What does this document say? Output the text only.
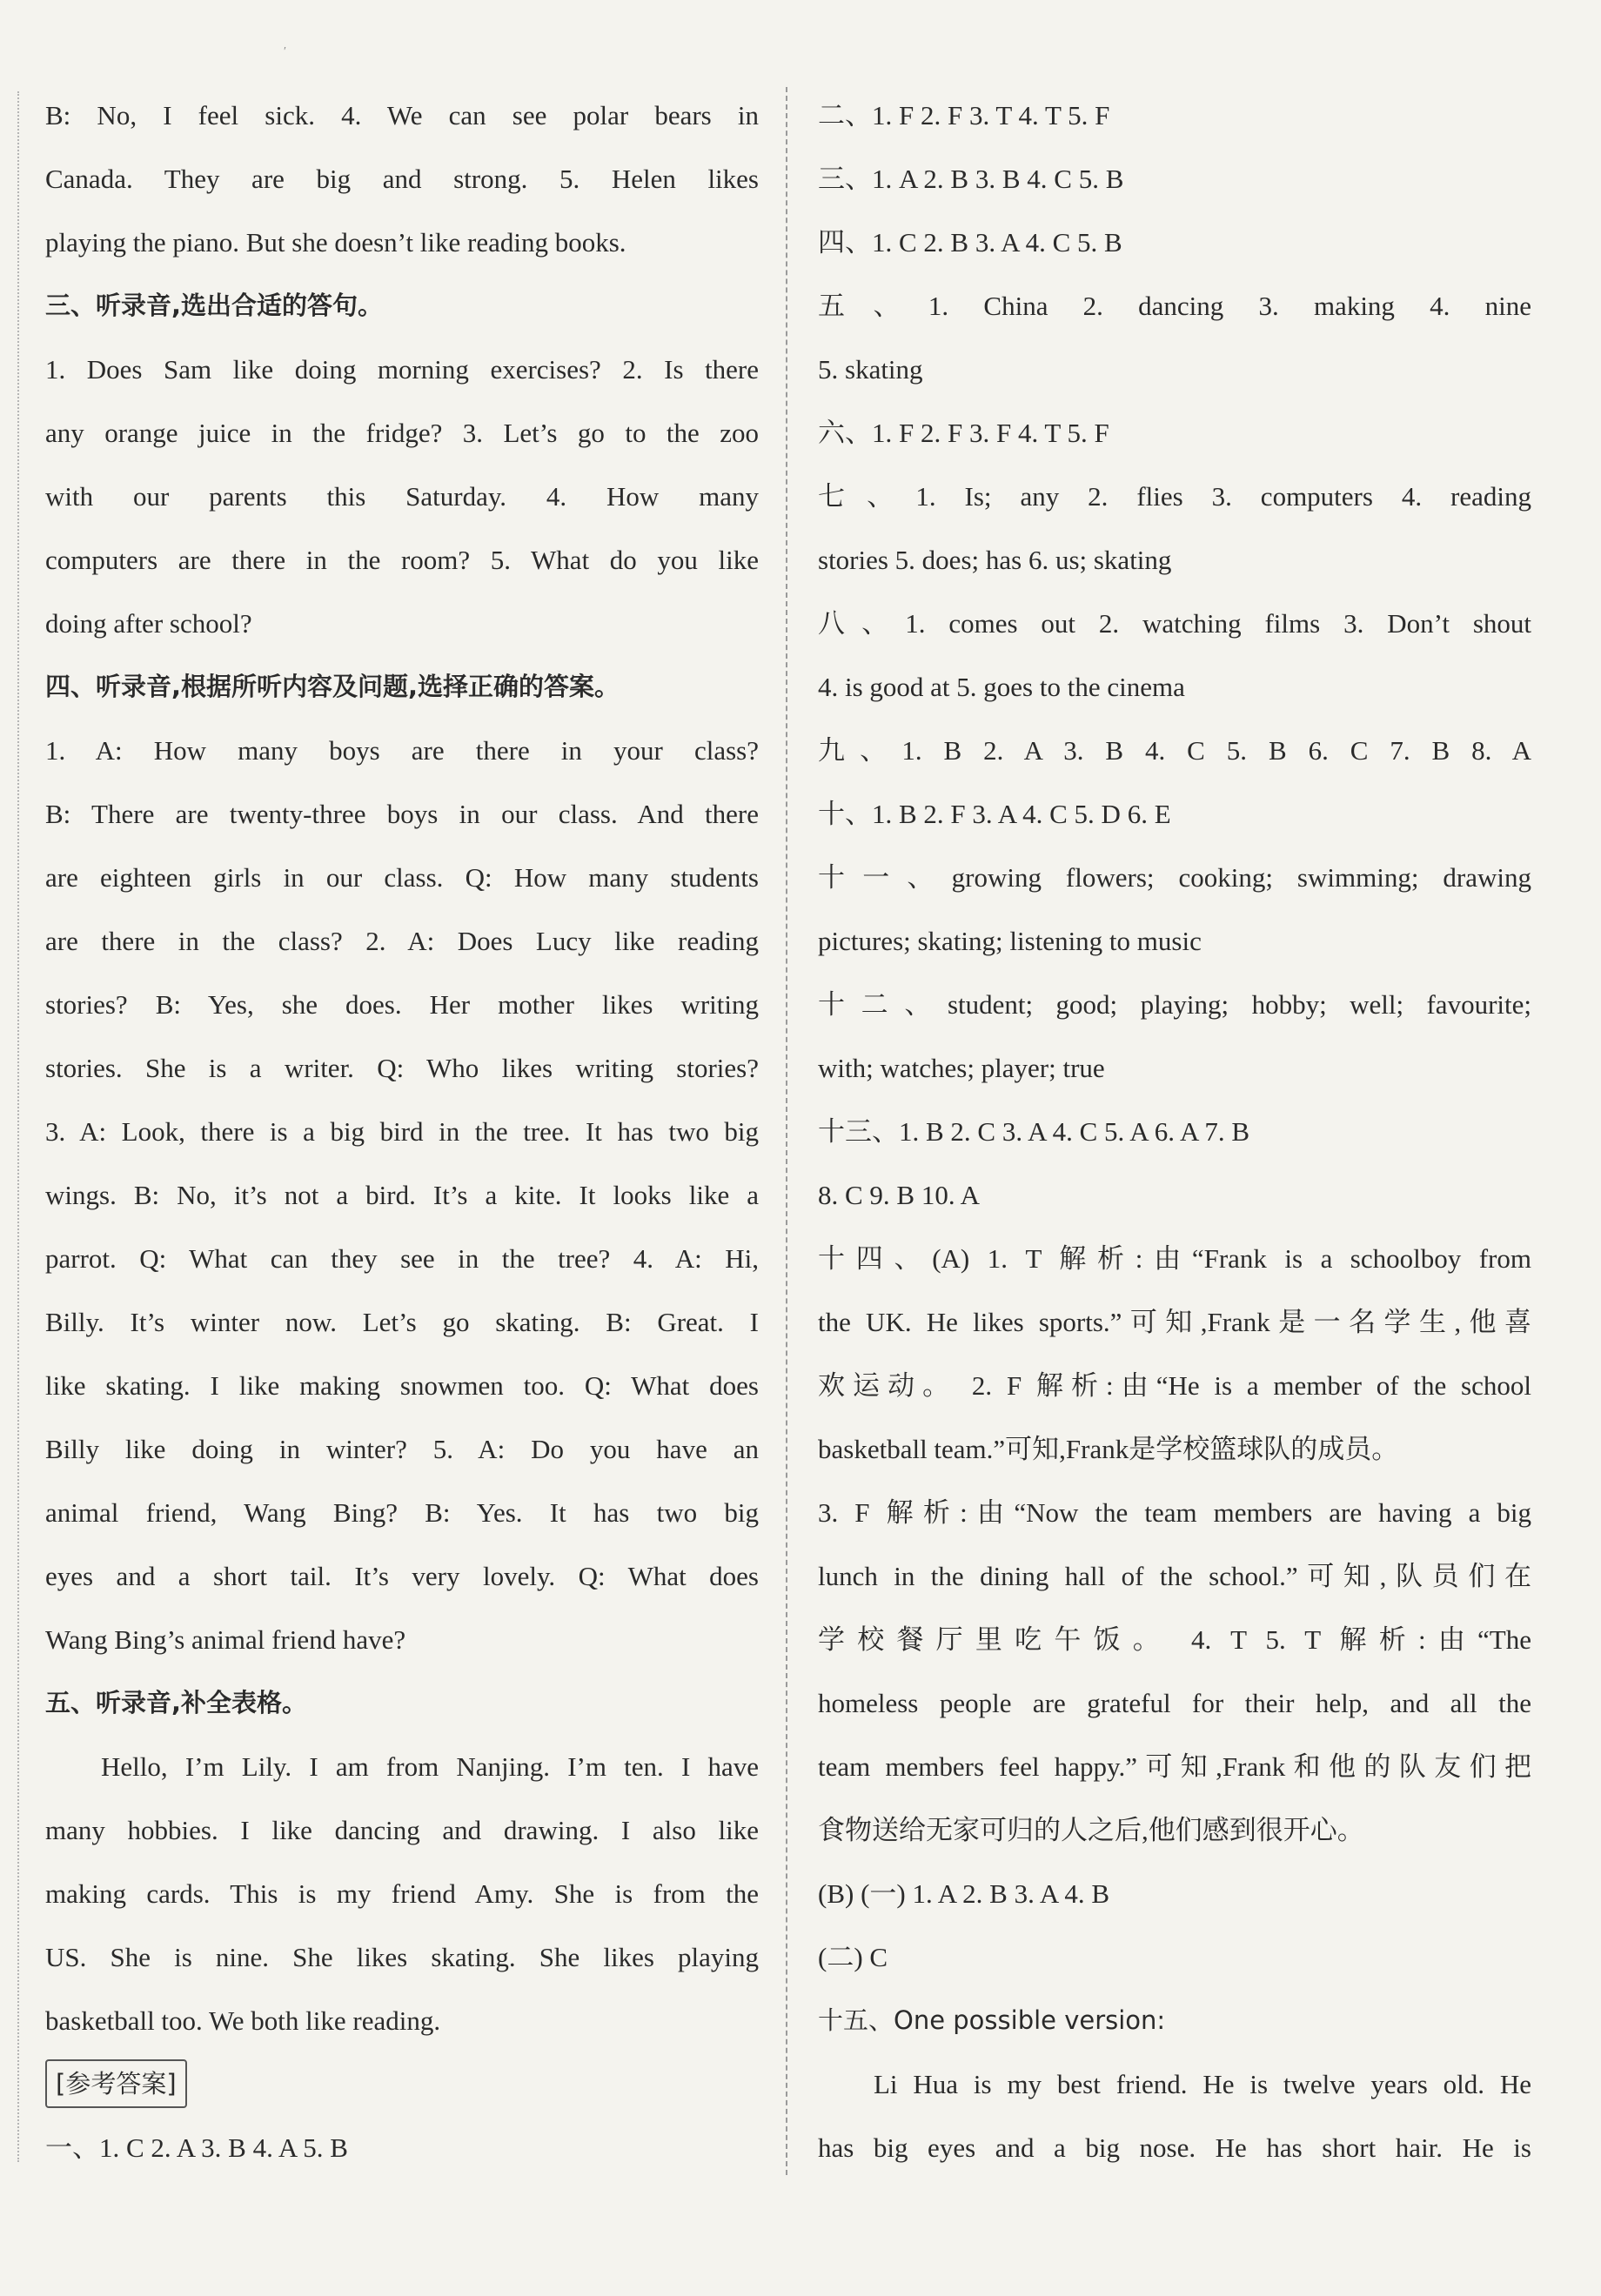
′
B: No, I feel sick. 4. We can see polar bears in
Canada. They are big and strong. 5. Helen likes
playing the piano. But she doesn’t like reading books.
三、听录音,选出合适的答句。
1. Does Sam like doing morning exercises? 2. Is there
any orange juice in the fridge? 3. Let’s go to the zoo
with our parents this Saturday. 4. How many
computers are there in the room? 5. What do you like
doing after school?
四、听录音,根据所听内容及问题,选择正确的答案。
1. A: How many boys are there in your class?
B: There are twenty-three boys in our class. And there
are eighteen girls in our class. Q: How many students
are there in the class? 2. A: Does Lucy like reading
stories? B: Yes, she does. Her mother likes writing
stories. She is a writer. Q: Who likes writing stories?
3. A: Look, there is a big bird in the tree. It has two big
wings. B: No, it’s not a bird. It’s a kite. It looks like a
parrot. Q: What can they see in the tree? 4. A: Hi,
Billy. It’s winter now. Let’s go skating. B: Great. I
like skating. I like making snowmen too. Q: What does
Billy like doing in winter? 5. A: Do you have an
animal friend, Wang Bing? B: Yes. It has two big
eyes and a short tail. It’s very lovely. Q: What does
Wang Bing’s animal friend have?
五、听录音,补全表格。
Hello, I’m Lily. I am from Nanjing. I’m ten. I have
many hobbies. I like dancing and drawing. I also like
making cards. This is my friend Amy. She is from the
US. She is nine. She likes skating. She likes playing
basketball too. We both like reading.
[参考答案]
一、1. C 2. A 3. B 4. A 5. B
二、1. F 2. F 3. T 4. T 5. F
三、1. A 2. B 3. B 4. C 5. B
四、1. C 2. B 3. A 4. C 5. B
五、1. China 2. dancing 3. making 4. nine
5. skating
六、1. F 2. F 3. F 4. T 5. F
七、1. Is; any 2. flies 3. computers 4. reading
stories 5. does; has 6. us; skating
八、1. comes out 2. watching films 3. Don’t shout
4. is good at 5. goes to the cinema
九、1. B 2. A 3. B 4. C 5. B 6. C 7. B 8. A
十、1. B 2. F 3. A 4. C 5. D 6. E
十一、growing flowers; cooking; swimming; drawing
pictures; skating; listening to music
十二、student; good; playing; hobby; well; favourite;
with; watches; player; true
十三、1. B 2. C 3. A 4. C 5. A 6. A 7. B
8. C 9. B 10. A
十四、(A) 1. T 解析:由“Frank is a schoolboy from
the UK. He likes sports.”可知,Frank是一名学生,他喜
欢运动。 2. F 解析:由“He is a member of the school
basketball team.”可知,Frank是学校篮球队的成员。
3. F 解析:由“Now the team members are having a big
lunch in the dining hall of the school.”可知,队员们在
学校餐厅里吃午饭。 4. T 5. T 解析:由“The
homeless people are grateful for their help, and all the
team members feel happy.”可知,Frank和他的队友们把
食物送给无家可归的人之后,他们感到很开心。
(B) (一) 1. A 2. B 3. A 4. B
(二) C
十五、One possible version:
Li Hua is my best friend. He is twelve years old. He
has big eyes and a big nose. He has short hair. He is
